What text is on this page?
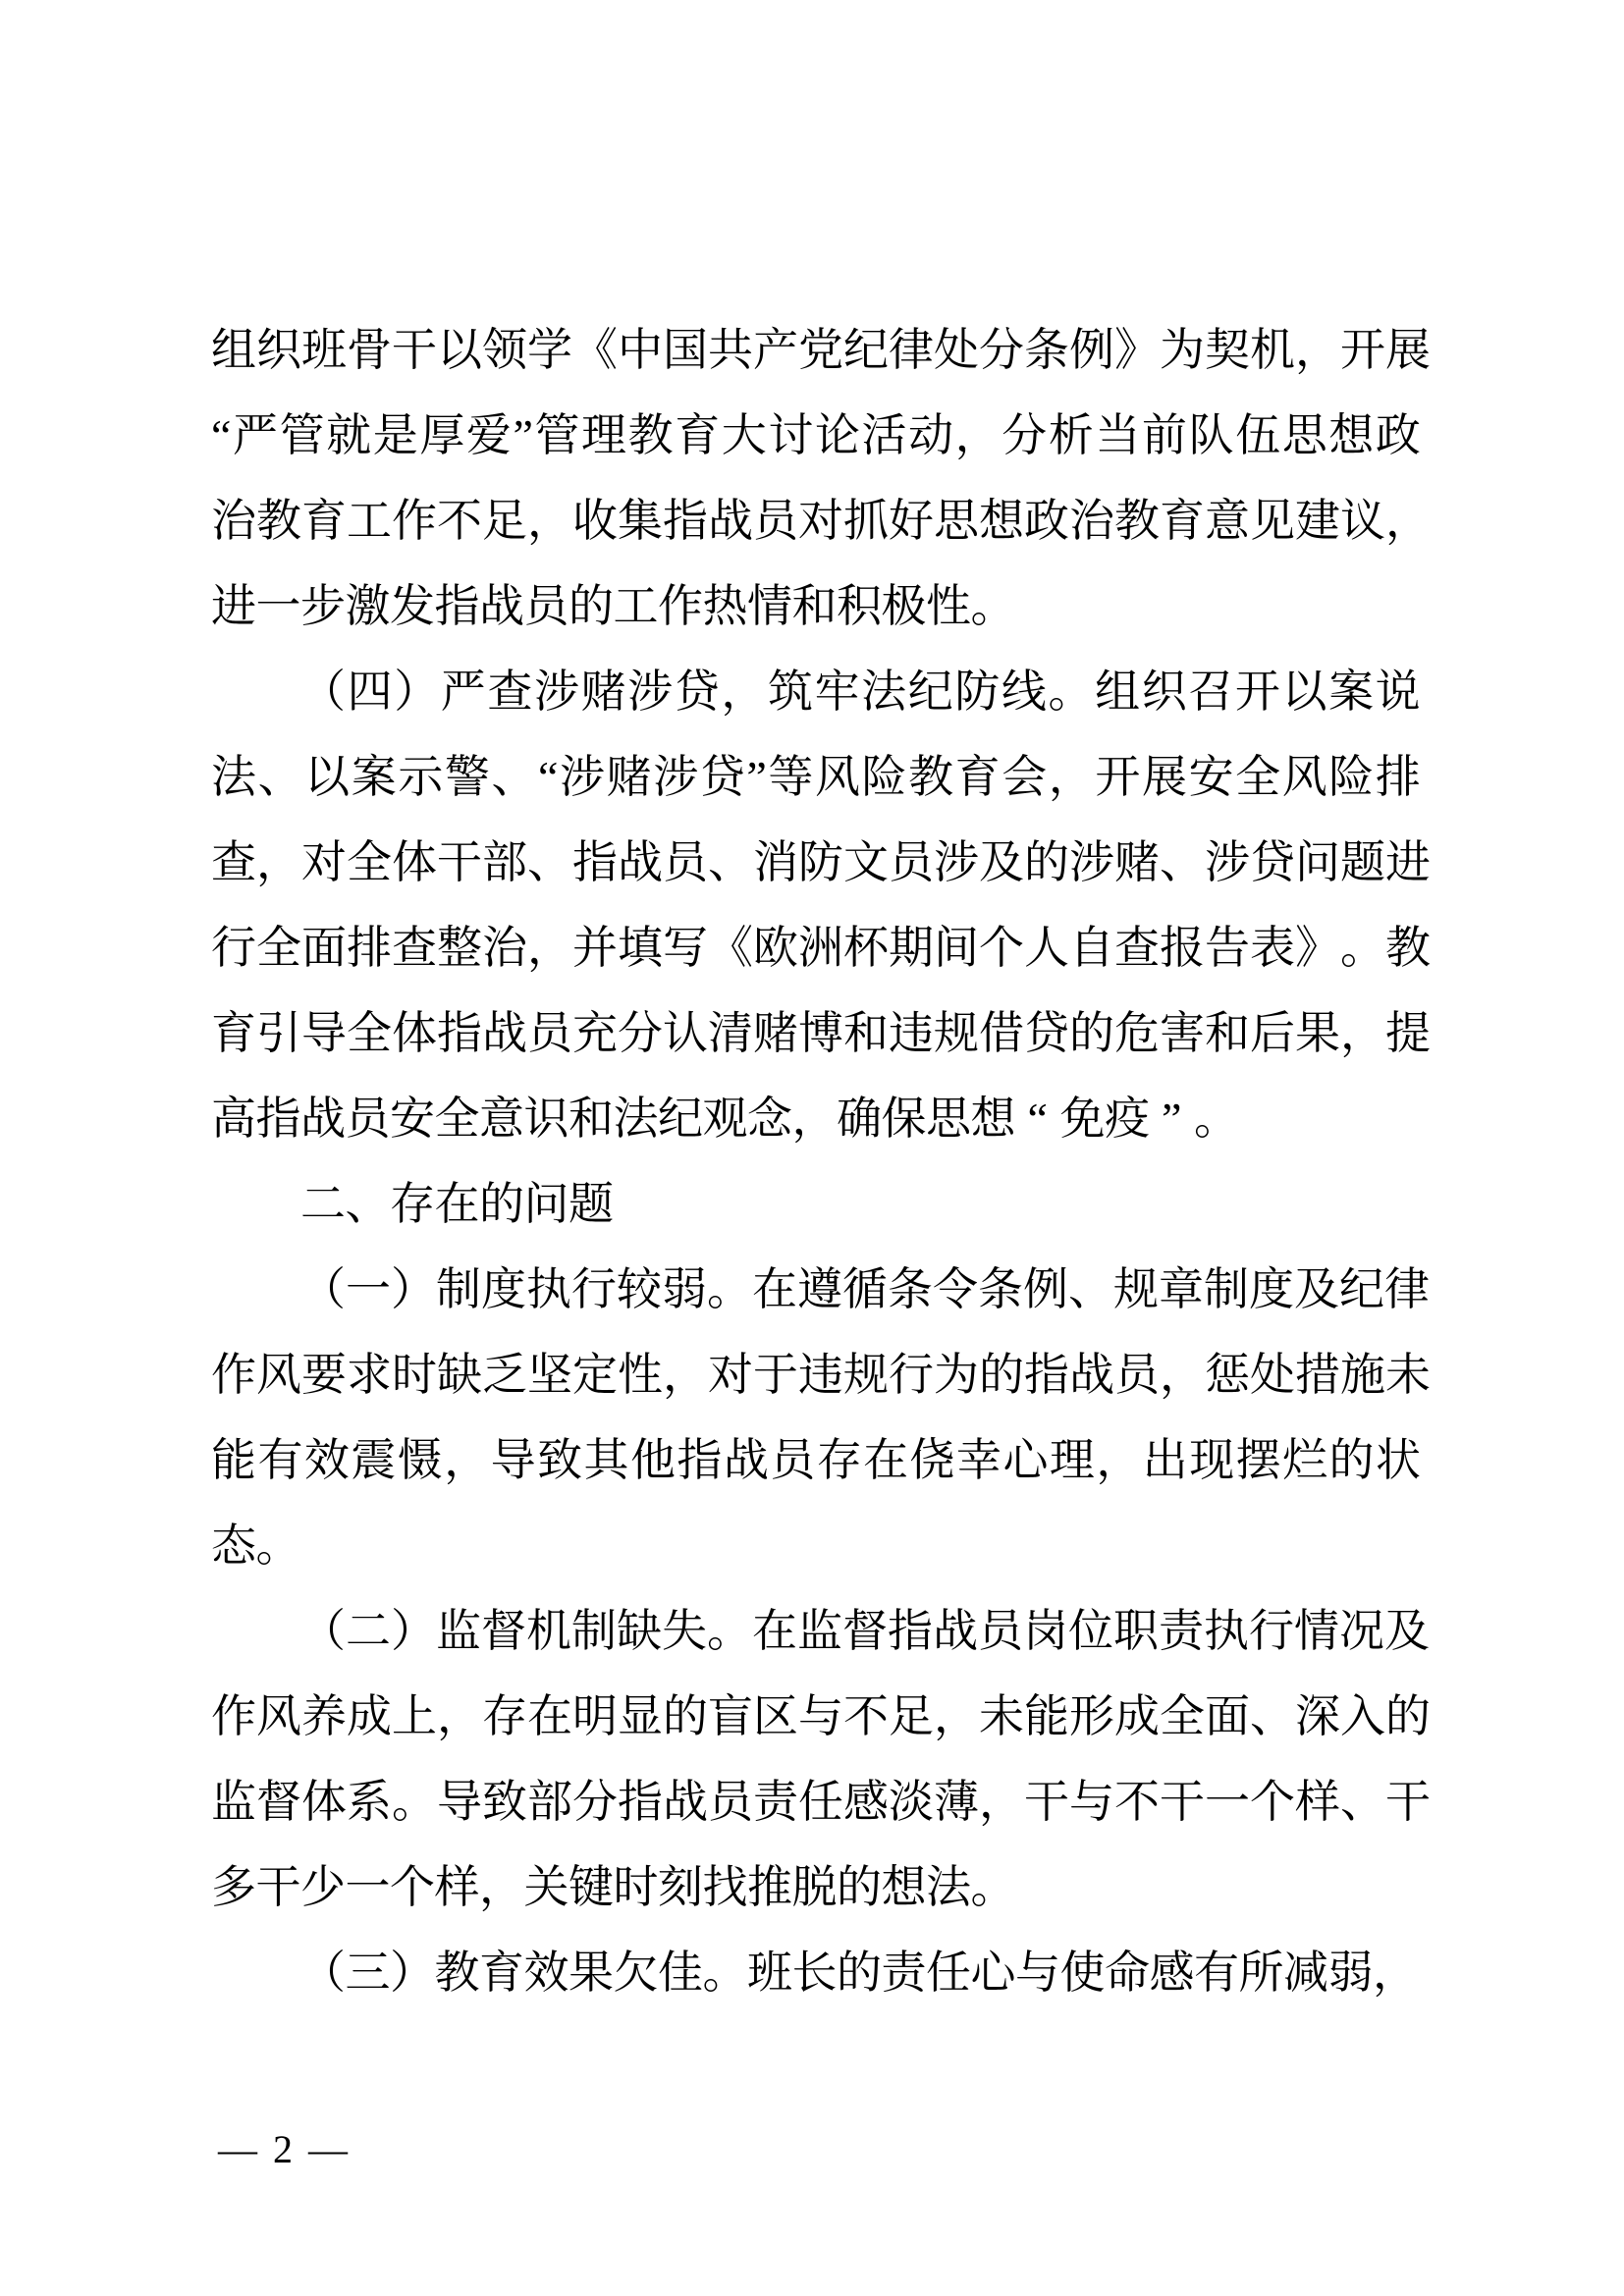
组 织 班 骨 干 以 领 学 《 中 国 共 产 党 纪 律 处 分 条 例 》 为 契 机 ， 开 展
“ 严 管 就 是 厚 爱 ” 管 理 教 育 大 讨 论 活 动 ， 分 析 当 前 队 伍 思 想 政
治 教 育 工 作 不 足 ， 收 集 指 战 员 对 抓 好 思 想 政 治 教 育 意 见 建 议 ，
进 一 步 激 发 指 战 员 的 工 作 热 情 和 积 极 性 。
（ 四 ） 严 查 涉 赌 涉 贷 ， 筑 牢 法 纪 防 线 。 组 织 召 开 以 案 说
法 、 以 案 示 警 、 “ 涉 赌 涉 贷 ” 等 风 险 教 育 会 ， 开 展 安 全 风 险 排
查 ， 对 全 体 干 部 、 指 战 员 、 消 防 文 员 涉 及 的 涉 赌 、 涉 贷 问 题 进
行 全 面 排 查 整 治 ， 并 填 写 《 欧 洲 杯 期 间 个 人 自 查 报 告 表 》 。 教
育 引 导 全 体 指 战 员 充 分 认 清 赌 博 和 违 规 借 贷 的 危 害 和 后 果 ， 提
高 指 战 员 安 全 意 识 和 法 纪 观 念 ， 确 保 思 想 “ 免 疫 ” 。
二 、 存 在 的 问 题
（ 一 ） 制 度 执 行 较 弱 。 在 遵 循 条 令 条 例 、 规 章 制 度 及 纪 律
作 风 要 求 时 缺 乏 坚 定 性 ， 对 于 违 规 行 为 的 指 战 员 ， 惩 处 措 施 未
能 有 效 震 慑 ， 导 致 其 他 指 战 员 存 在 侥 幸 心 理 ， 出 现 摆 烂 的 状
态 。
（ 二 ） 监 督 机 制 缺 失 。 在 监 督 指 战 员 岗 位 职 责 执 行 情 况 及
作 风 养 成 上 ， 存 在 明 显 的 盲 区 与 不 足 ， 未 能 形 成 全 面 、 深 入 的
监 督 体 系 。 导 致 部 分 指 战 员 责 任 感 淡 薄 ， 干 与 不 干 一 个 样 、 干
多 干 少 一 个 样 ， 关 键 时 刻 找 推 脱 的 想 法 。
（ 三 ） 教 育 效 果 欠 佳 。 班 长 的 责 任 心 与 使 命 感 有 所 减 弱 ，
— 2 —
